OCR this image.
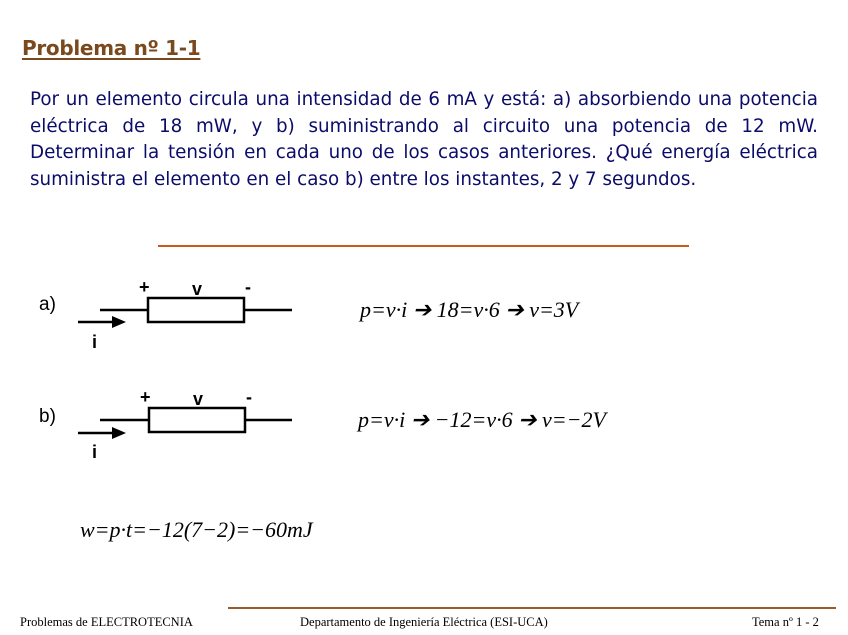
Problema nº 1-1
Por un elemento circula una intensidad de 6 mA y está: a) absorbiendo una potencia eléctrica de 18 mW, y b) suministrando al circuito una potencia de 12 mW. Determinar la tensión en cada uno de los casos anteriores. ¿Qué energía eléctrica suministra el elemento en el caso b) entre los instantes, 2 y 7 segundos.
a)
+ v -
i
p=v·i ➔ 18=v·6 ➔ v=3V
b)
+ v -
i
p=v·i ➔ −12=v·6 ➔ v=−2V
w=p·t=−12(7−2)=−60mJ
Problemas de ELECTROTECNIA	Departamento de Ingeniería Eléctrica (ESI-UCA)	Tema nº 1 - 2
